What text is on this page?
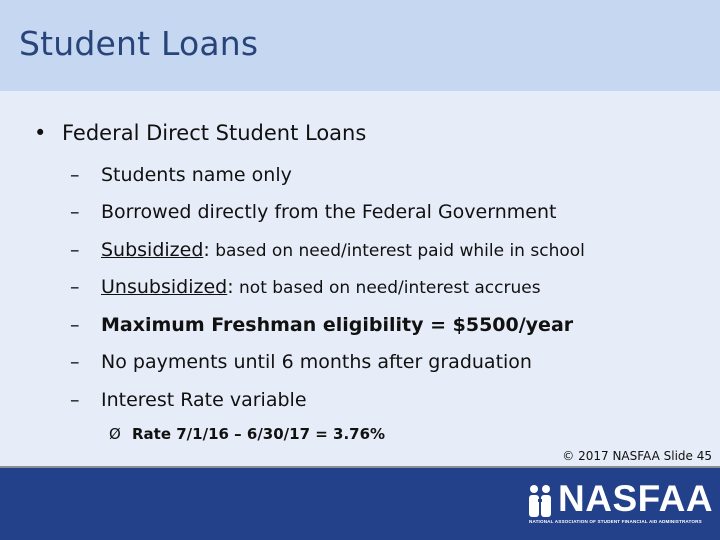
Student Loans
• Federal Direct Student Loans
– Students name only
– Borrowed directly from the Federal Government
– Subsidized: based on need/interest paid while in school
– Unsubsidized: not based on need/interest accrues
– Maximum Freshman eligibility = $5500/year
– No payments until 6 months after graduation
– Interest Rate variable
Ø Rate 7/1/16 – 6/30/17 = 3.76%
© 2017 NASFAA Slide 45
NASFAA
NATIONAL ASSOCIATION OF STUDENT FINANCIAL AID ADMINISTRATORS
